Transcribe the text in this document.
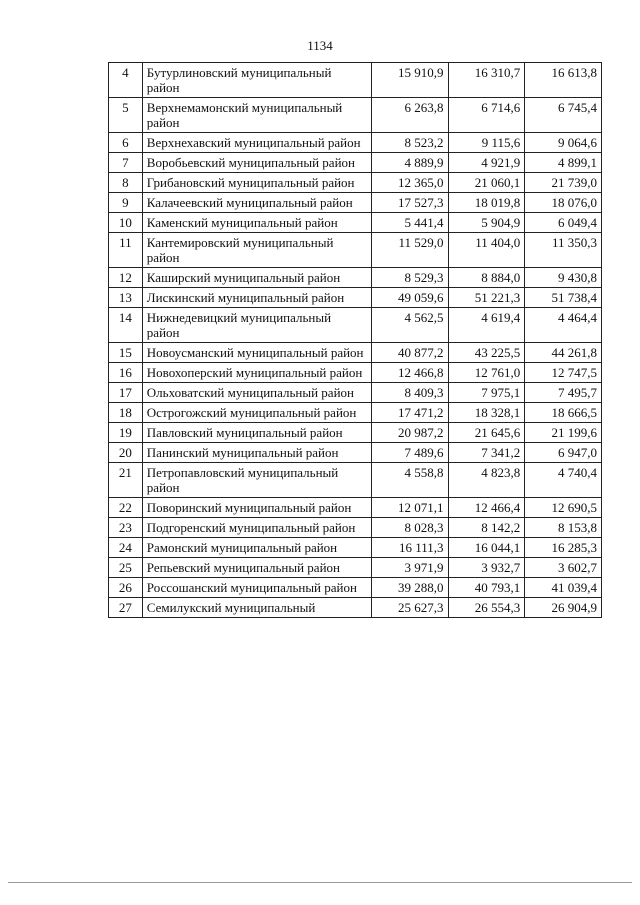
1134
4	Бутурлиновский муниципальный район	15 910,9	16 310,7	16 613,8
5	Верхнемамонский муниципальный район	6 263,8	6 714,6	6 745,4
6	Верхнехавский муниципальный район	8 523,2	9 115,6	9 064,6
7	Воробьевский муниципальный район	4 889,9	4 921,9	4 899,1
8	Грибановский муниципальный район	12 365,0	21 060,1	21 739,0
9	Калачеевский муниципальный район	17 527,3	18 019,8	18 076,0
10	Каменский муниципальный район	5 441,4	5 904,9	6 049,4
11	Кантемировский муниципальный район	11 529,0	11 404,0	11 350,3
12	Каширский муниципальный район	8 529,3	8 884,0	9 430,8
13	Лискинский муниципальный район	49 059,6	51 221,3	51 738,4
14	Нижнедевицкий муниципальный район	4 562,5	4 619,4	4 464,4
15	Новоусманский муниципальный район	40 877,2	43 225,5	44 261,8
16	Новохоперский муниципальный район	12 466,8	12 761,0	12 747,5
17	Ольховатский муниципальный район	8 409,3	7 975,1	7 495,7
18	Острогожский муниципальный район	17 471,2	18 328,1	18 666,5
19	Павловский муниципальный район	20 987,2	21 645,6	21 199,6
20	Панинский муниципальный район	7 489,6	7 341,2	6 947,0
21	Петропавловский муниципальный район	4 558,8	4 823,8	4 740,4
22	Поворинский муниципальный район	12 071,1	12 466,4	12 690,5
23	Подгоренский муниципальный район	8 028,3	8 142,2	8 153,8
24	Рамонский муниципальный район	16 111,3	16 044,1	16 285,3
25	Репьевский муниципальный район	3 971,9	3 932,7	3 602,7
26	Россошанский муниципальный район	39 288,0	40 793,1	41 039,4
27	Семилукский муниципальный	25 627,3	26 554,3	26 904,9
